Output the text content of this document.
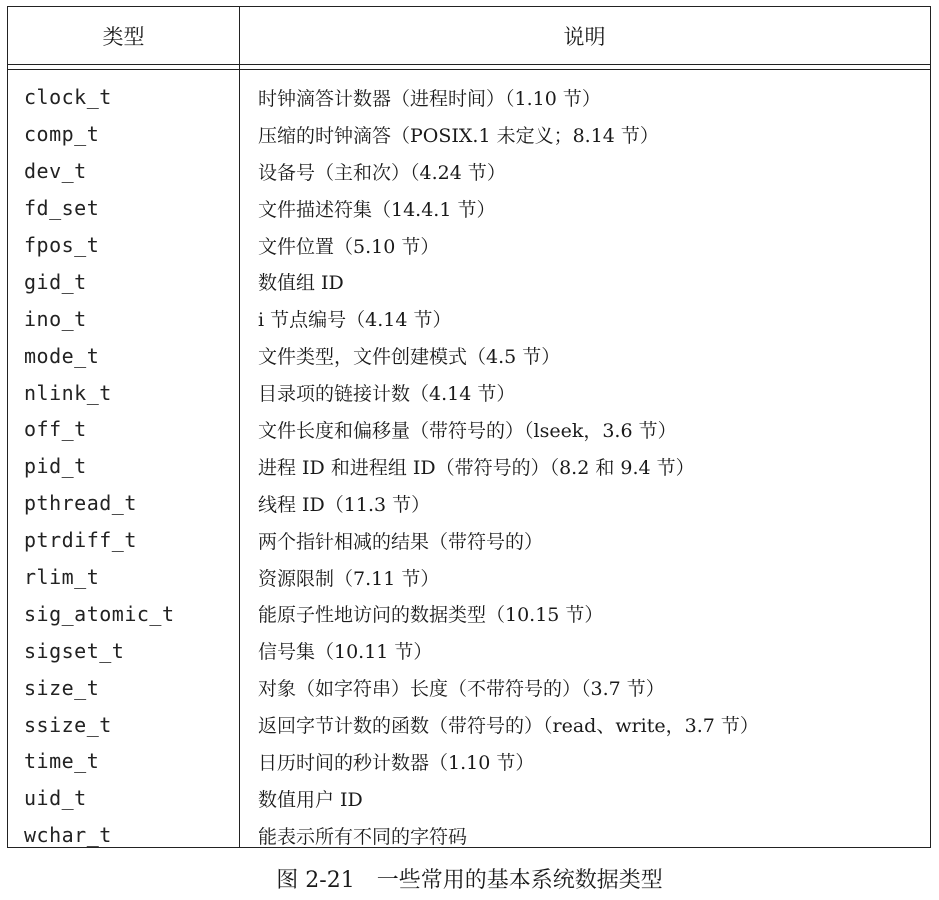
类型	说明
clock_t	时钟滴答计数器（进程时间）（1.10 节）
comp_t	压缩的时钟滴答（POSIX.1 未定义；8.14 节）
dev_t	设备号（主和次）（4.24 节）
fd_set	文件描述符集（14.4.1 节）
fpos_t	文件位置（5.10 节）
gid_t	数值组 ID
ino_t	i 节点编号（4.14 节）
mode_t	文件类型，文件创建模式（4.5 节）
nlink_t	目录项的链接计数（4.14 节）
off_t	文件长度和偏移量（带符号的）（lseek，3.6 节）
pid_t	进程 ID 和进程组 ID（带符号的）（8.2 和 9.4 节）
pthread_t	线程 ID（11.3 节）
ptrdiff_t	两个指针相减的结果（带符号的）
rlim_t	资源限制（7.11 节）
sig_atomic_t	能原子性地访问的数据类型（10.15 节）
sigset_t	信号集（10.11 节）
size_t	对象（如字符串）长度（不带符号的）（3.7 节）
ssize_t	返回字节计数的函数（带符号的）（read、write，3.7 节）
time_t	日历时间的秒计数器（1.10 节）
uid_t	数值用户 ID
wchar_t	能表示所有不同的字符码
图 2-21　一些常用的基本系统数据类型
